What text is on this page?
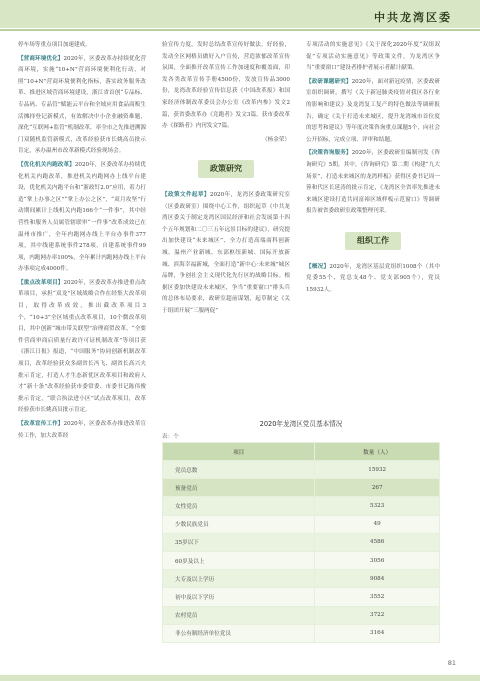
中共龙湾区委

停车场等重点项目加速建成。

【营商环境优化】2020年，区委改革办持续优化营商环境，实施“10+N”营商环境便利化行动，对照“10+N”营商环境便利化指标，落实政务服务改革、推进区域营商环境建设，浙江省首创“专品标、专品码、专品管”赋能云平台和全域应用食品商贩生活摊择登记新模式，有效解决中小企业融资难题，深化“互联网+监管”机制改革，率全市之先推进溯源门双随机监管新模式，改革经验获市长姚高员批示肯定，承办温州市改革新模式经验现场会。

【优化机关内跑改革】2020年，区委改革办持续优化机关内跑改革，推进机关内跑网办上线平台建设，优化机关内跑平台和“浙政钉2.0”应用，着力打造“掌上办事之区”“掌上办公之区”，“双月攻坚”行动期间累计上线机关内跑166个“一件事”，其中经营性和服务人员属管辖联审“一件事”改革成效已在温州市推广，全年内跑网办线上平台办事件377项，其中线建系统事件278项，自建系统事件99项，内跑网办率100%，全年累计内跑网办线上平台办事项完成4000件。

【重点改革项目】2020年，区委改革办推进重点改革项目，承担“双龙”区域战略合作在经集大改革项目，取得改革成效，推出截改革项目3个，“10+3”全区域重点改革项目，10个微改革项目，其中创新“城市带关联型”治理商贸改革，“全要件营商审商启质量行政许可证机制改革”等项目获《浙江日报》报道，“中国服务”协同创新机制改革项目，改革经验获众多副省长冯飞、副省长高兴夫批示肯定，打造人才生态新优区改革项目和政府人才“新十条”改革经验获市委常委、市委书记陈伟俊批示肯定，“联合执法进小区”试点改革项目，改革经验获市长姚高员批示肯定。

【改革宣传工作】2020年，区委改革办推进改革宣传工作，加大改革经

验宣传力度，发时总结改革宣传好做法，好经验，发动全区网格员做好入户宣传，营造浓郁改革宣传氛围，全面推开改革宣传工作加速度和覆盖面，印发各类改革宣传手册4500份，发放宣传品3000份，龙湾改革经验宣传信息获《中国改革报》和国家经济体制改革委员会办公室《改革内参》发文2篇，获省委改革办《竞跑者》发文3篇，获市委改革办《探路者》内刊发文7篇。

（杨金荣）

政策研究

【政策文件起草】2020年，龙湾区委政策研究室（区委政研室）围绕中心工作，组织起草《中共龙湾区委关于制定龙湾区国民经济和社会发展第十四个五年规划和二〇三五年远景目标的建议》，研究提出加快建设“未来城区”、全力打造高端商科创新城、温州产业新城、东部枢纽新城、国际开放新城、滨海幸福新城，全面打造“新中心·未来城”城区品牌，争创社会主义现代化先行区的战略目标。根据区委加快建设未来城区，争当“重要窗口”排头兵的总体布局要求，政研室超前谋划，起草制定《关于组团开展“三服两促”

专项活动的实施意见》《关于深化2020年度“双组双促”专项活动实施意见》等政策文件，为龙湾区争当“重要窗口”建设者排护者展示者献计献策。

【政研课题研究】2020年，面对新冠疫情，区委政研室组织调研，撰写《关于新冠肺炎疫情对我区各行业的影响和建议》及龙湾复工复产的特色做法等调研报告，确定《关于打造未来城区，提升龙湾城市首位度的思考和建议》等年度决策咨询重点课题5个，向社会公开招标，完成立项、评审和结题。

【决策咨询服务】2020年，区委政研室编制刊发《咨询研究》5期，其中，《咨询研究》第二期《构建“九大场景”，打造未来城区的龙湾样板》获得区委书记周一蓉和代区长延涛的批示肯定，《龙湾区全省率先推进未来城区建设打造共同富裕区域样板示范窗口》等调研报告被省委政研室政策整理刊采。

组织工作

【概况】2020年，龙湾区基层党组织1008个（其中党委55个、党总支48个、党支部905个），党员15932人。

2020年龙湾区党员基本情况
表：个
项目	数量（人）
党员总数	15932
预备党员	267
女性党员	5323
少数民族党员	49
35岁以下	4586
60岁及以上	3056
大专及以上学历	9084
初中及以下学历	3552
农村党员	3722
非公有制经济单位党员	3164
81
